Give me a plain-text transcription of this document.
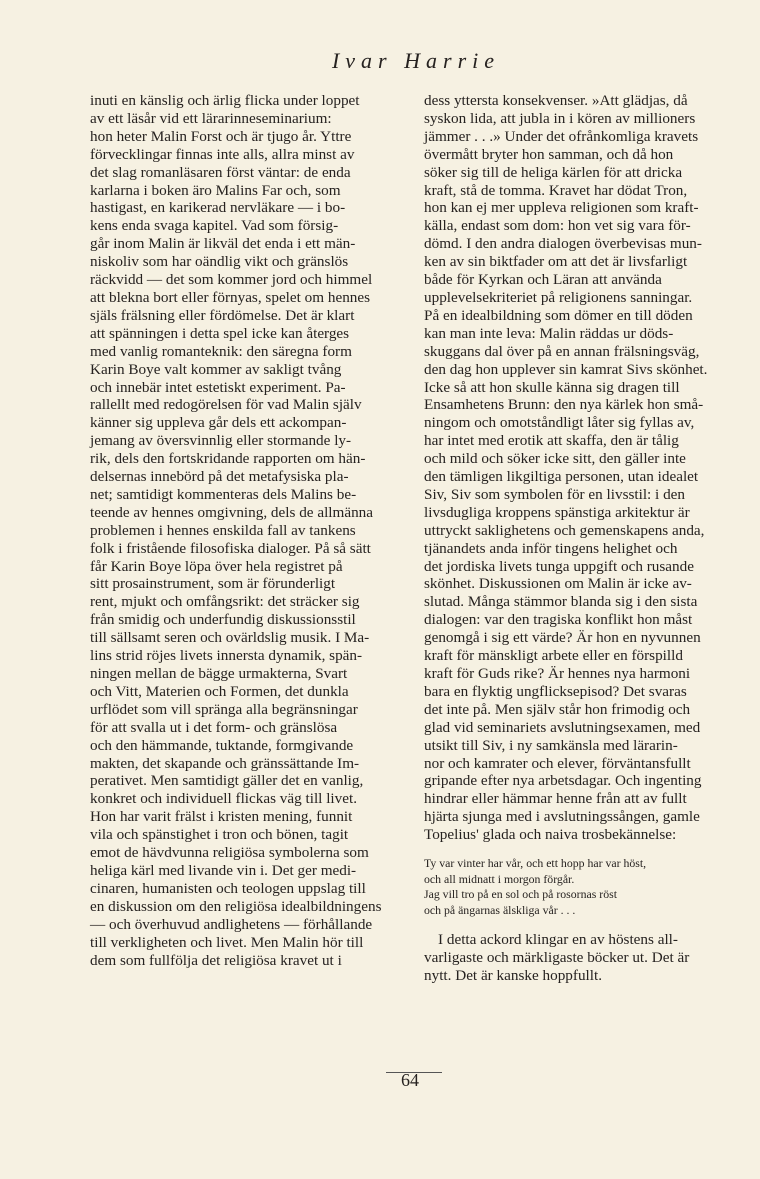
Ivar Harrie
inuti en känslig och ärlig flicka under loppet
av ett läsår vid ett lärarinneseminarium:
hon heter Malin Forst och är tjugo år. Yttre
förvecklingar finnas inte alls, allra minst av
det slag romanläsaren först väntar: de enda
karlarna i boken äro Malins Far och, som
hastigast, en karikerad nervläkare — i bo-
kens enda svaga kapitel. Vad som försig-
går inom Malin är likväl det enda i ett män-
niskoliv som har oändlig vikt och gränslös
räckvidd — det som kommer jord och himmel
att blekna bort eller förnyas, spelet om hennes
själs frälsning eller fördömelse. Det är klart
att spänningen i detta spel icke kan återges
med vanlig romanteknik: den säregna form
Karin Boye valt kommer av sakligt tvång
och innebär intet estetiskt experiment. Pa-
rallellt med redogörelsen för vad Malin själv
känner sig uppleva går dels ett ackompan-
jemang av översvinnlig eller stormande ly-
rik, dels den fortskridande rapporten om hän-
delsernas innebörd på det metafysiska pla-
net; samtidigt kommenteras dels Malins be-
teende av hennes omgivning, dels de allmänna
problemen i hennes enskilda fall av tankens
folk i fristående filosofiska dialoger. På så sätt
får Karin Boye löpa över hela registret på
sitt prosainstrument, som är förunderligt
rent, mjukt och omfångsrikt: det sträcker sig
från smidig och underfundig diskussionsstil
till sällsamt seren och ovärldslig musik. I Ma-
lins strid röjes livets innersta dynamik, spän-
ningen mellan de bägge urmakterna, Svart
och Vitt, Materien och Formen, det dunkla
urflödet som vill spränga alla begränsningar
för att svalla ut i det form- och gränslösa
och den hämmande, tuktande, formgivande
makten, det skapande och gränssättande Im-
perativet. Men samtidigt gäller det en vanlig,
konkret och individuell flickas väg till livet.
Hon har varit frälst i kristen mening, funnit
vila och spänstighet i tron och bönen, tagit
emot de hävdvunna religiösa symbolerna som
heliga kärl med livande vin i. Det ger medi-
cinaren, humanisten och teologen uppslag till
en diskussion om den religiösa idealbildningens
— och överhuvud andlighetens — förhållande
till verkligheten och livet. Men Malin hör till
dem som fullfölja det religiösa kravet ut i
dess yttersta konsekvenser. »Att glädjas, då
syskon lida, att jubla in i kören av millioners
jämmer . . .» Under det ofrånkomliga kravets
övermått bryter hon samman, och då hon
söker sig till de heliga kärlen för att dricka
kraft, stå de tomma. Kravet har dödat Tron,
hon kan ej mer uppleva religionen som kraft-
källa, endast som dom: hon vet sig vara för-
dömd. I den andra dialogen överbevisas mun-
ken av sin biktfader om att det är livsfarligt
både för Kyrkan och Läran att använda
upplevelsekriteriet på religionens sanningar.
På en idealbildning som dömer en till döden
kan man inte leva: Malin räddas ur döds-
skuggans dal över på en annan frälsningsväg,
den dag hon upplever sin kamrat Sivs skönhet.
Icke så att hon skulle känna sig dragen till
Ensamhetens Brunn: den nya kärlek hon små-
ningom och omotståndligt låter sig fyllas av,
har intet med erotik att skaffa, den är tålig
och mild och söker icke sitt, den gäller inte
den tämligen likgiltiga personen, utan idealet
Siv, Siv som symbolen för en livsstil: i den
livsdugliga kroppens spänstiga arkitektur är
uttryckt saklighetens och gemenskapens anda,
tjänandets anda inför tingens helighet och
det jordiska livets tunga uppgift och rusande
skönhet. Diskussionen om Malin är icke av-
slutad. Många stämmor blanda sig i den sista
dialogen: var den tragiska konflikt hon måst
genomgå i sig ett värde? Är hon en nyvunnen
kraft för mänskligt arbete eller en förspilld
kraft för Guds rike? Är hennes nya harmoni
bara en flyktig ungflicksepisod? Det svaras
det inte på. Men själv står hon frimodig och
glad vid seminariets avslutningsexamen, med
utsikt till Siv, i ny samkänsla med lärarin-
nor och kamrater och elever, förväntansfullt
gripande efter nya arbetsdagar. Och ingenting
hindrar eller hämmar henne från att av fullt
hjärta sjunga med i avslutningssången, gamle
Topelius' glada och naiva trosbekännelse:
Ty var vinter har vår, och ett hopp har var höst,
och all midnatt i morgon förgår.
Jag vill tro på en sol och på rosornas röst
och på ängarnas älskliga vår . . .
I detta ackord klingar en av höstens all-
varligaste och märkligaste böcker ut. Det är
nytt. Det är kanske hoppfullt.
64
